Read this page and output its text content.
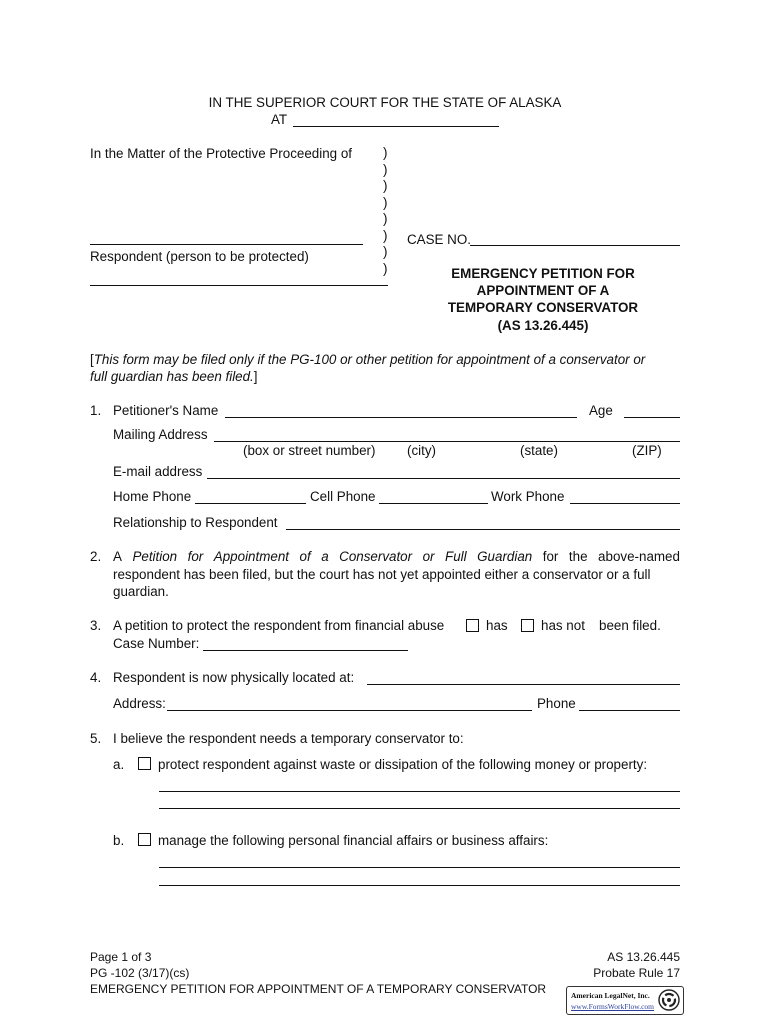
IN THE SUPERIOR COURT FOR THE STATE OF ALASKA
AT
In the Matter of the Protective Proceeding of )
)
)
)
)
)
)
)
Respondent (person to be protected)
CASE NO.
EMERGENCY PETITION FOR
APPOINTMENT OF A
TEMPORARY CONSERVATOR
(AS 13.26.445)
[This form may be filed only if the PG-100 or other petition for appointment of a conservator or
full guardian has been filed.]
1. Petitioner's Name	Age
Mailing Address
(box or street number) (city)	(state)	(ZIP)
E-mail address
Home Phone	Cell Phone	Work Phone
Relationship to Respondent
2. A Petition for Appointment of a Conservator or Full Guardian for the above-named
respondent has been filed, but the court has not yet appointed either a conservator or a full
guardian.
3. A petition to protect the respondent from financial abuse	has has not been filed.
Case Number:
4. Respondent is now physically located at:
Address:	Phone
5. I believe the respondent needs a temporary conservator to:
a.	protect respondent against waste or dissipation of the following money or property:
b.	manage the following personal financial affairs or business affairs:
Page 1 of 3
PG -102 (3/17)(cs)
EMERGENCY PETITION FOR APPOINTMENT OF A TEMPORARY CONSERVATOR
AS 13.26.445
Probate Rule 17
American LegalNet, Inc.
www.FormsWorkFlow.com
